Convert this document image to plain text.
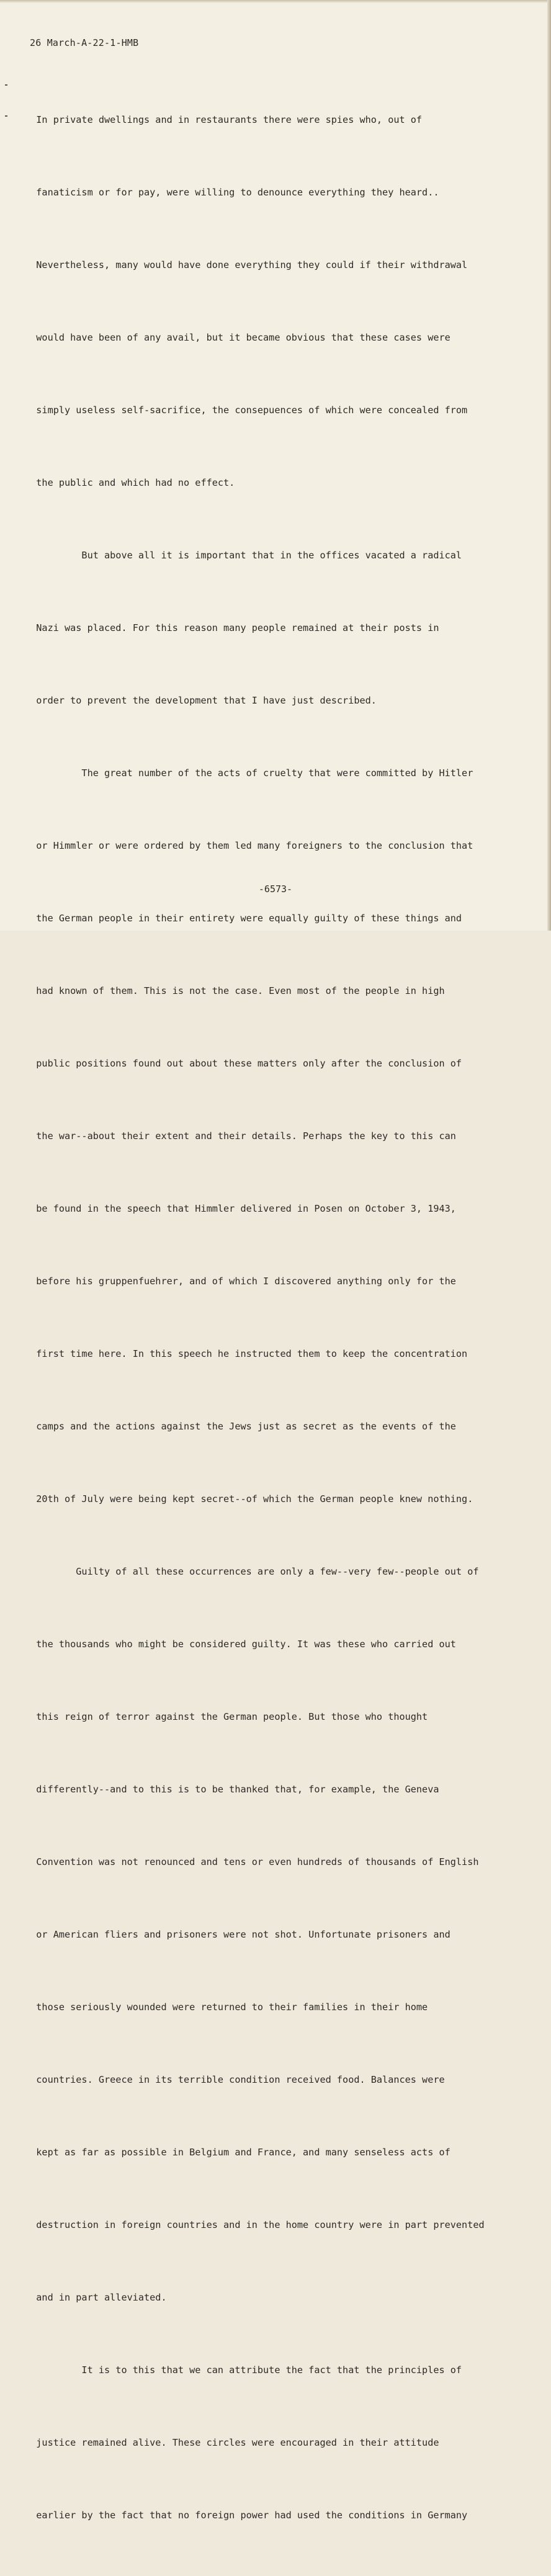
26 March-A-22-1-HMB

In private dwellings and in restaurants there were spies who, out of

fanaticism or for pay, were willing to denounce everything they heard..

Nevertheless, many would have done everything they could if their withdrawal

would have been of any avail, but it became obvious that these cases were

simply useless self-sacrifice, the consepuences of which were concealed from

the public and which had no effect.

But above all it is important that in the offices vacated a radical

Nazi was placed. For this reason many people remained at their posts in

order to prevent the development that I have just described.

The great number of the acts of cruelty that were committed by Hitler

or Himmler or were ordered by them led many foreigners to the conclusion that

the German people in their entirety were equally guilty of these things and

had known of them. This is not the case. Even most of the people in high

public positions found out about these matters only after the conclusion of

the war--about their extent and their details. Perhaps the key to this can

be found in the speech that Himmler delivered in Posen on October 3, 1943,

before his gruppenfuehrer, and of which I discovered anything only for the

first time here. In this speech he instructed them to keep the concentration

camps and the actions against the Jews just as secret as the events of the

20th of July were being kept secret--of which the German people knew nothing.

Guilty of all these occurrences are only a few--very few--people out of

the thousands who might be considered guilty. It was these who carried out

this reign of terror against the German people. But those who thought

differently--and to this is to be thanked that, for example, the Geneva

Convention was not renounced and tens or even hundreds of thousands of English

or American fliers and prisoners were not shot. Unfortunate prisoners and

those seriously wounded were returned to their families in their home

countries. Greece in its terrible condition received food. Balances were

kept as far as possible in Belgium and France, and many senseless acts of

destruction in foreign countries and in the home country were in part prevented

and in part alleviated.

It is to this that we can attribute the fact that the principles of

justice remained alive. These circles were encouraged in their attitude

earlier by the fact that no foreign power had used the conditions in Germany

-6573-
